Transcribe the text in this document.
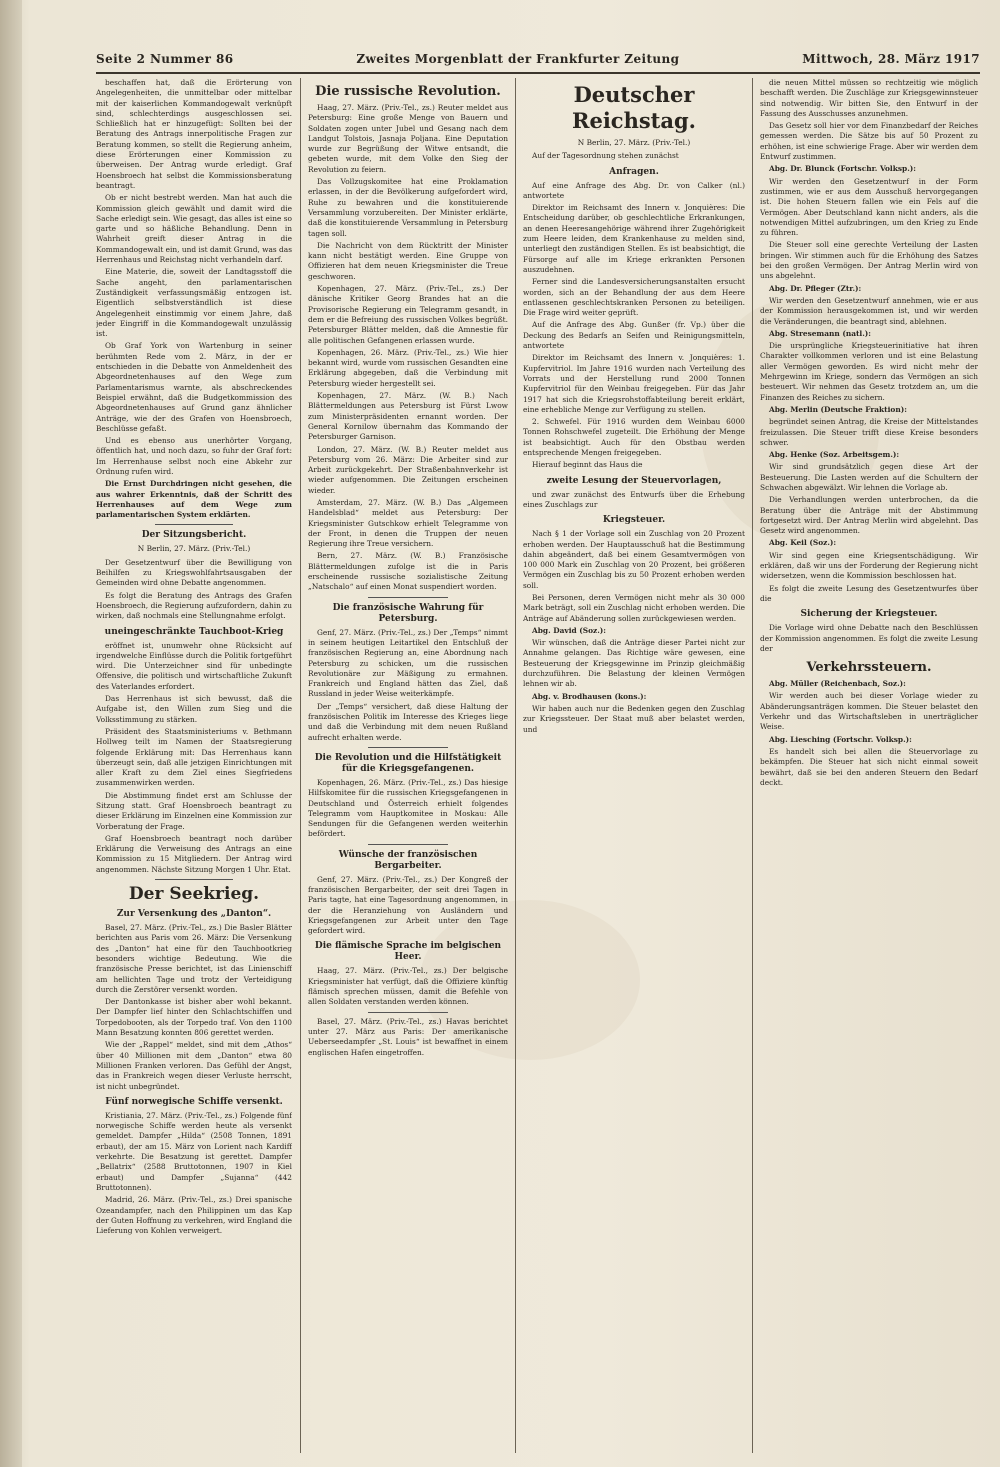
Seite 2 Nummer 86	Zweites Morgenblatt der Frankfurter Zeitung	Mittwoch, 28. März 1917

beschaffen hat, daß die Erörterung von Angelegenheiten, die unmittelbar oder mittelbar mit der kaiserlichen Kommandogewalt verknüpft sind, schlechterdings ausgeschlossen sei. Schließlich hat er hinzugefügt: Sollten bei der Beratung des Antrags innerpolitische Fragen zur Beratung kommen, so stellt die Regierung anheim, diese Erörterungen einer Kommission zu überweisen. Der Antrag wurde erledigt. Graf Hoensbroech hat selbst die Kommissionsberatung beantragt.

Ob er nicht bestrebt werden. Man hat auch die Kommission gleich gewählt und damit wird die Sache erledigt sein. Wie gesagt, das alles ist eine so garte und so häßliche Behandlung. Denn in Wahrheit greift dieser Antrag in die Kommandogewalt ein, und ist damit Grund, was das Herrenhaus und Reichstag nicht verhandeln darf.

Eine Materie, die, soweit der Landtagsstoff die Sache angeht, den parlamentarischen Zuständigkeit verfassungsmäßig entzogen ist. Eigentlich selbstverständlich ist diese Angelegenheit einstimmig vor einem Jahre, daß jeder Eingriff in die Kommandogewalt unzulässig ist.

Ob Graf York von Wartenburg in seiner berühmten Rede vom 2. März, in der er entschieden in die Debatte von Anmeldenheit des Abgeordnetenhauses auf den Wege zum Parlamentarismus warnte, als abschreckendes Beispiel erwähnt, daß die Budgetkommission des Abgeordnetenhauses auf Grund ganz ähnlicher Anträge, wie der des Grafen von Hoensbroech, Beschlüsse gefaßt.

Und es ebenso aus unerhörter Vorgang, öffentlich hat, und noch dazu, so fuhr der Graf fort: Im Herrenhause selbst noch eine Abkehr zur Ordnung rufen wird.

Die Ernst Durchdringen nicht gesehen, die aus wahrer Erkenntnis, daß der Schritt des Herrenhauses auf dem Wege zum parlamentarischen System erklärten.

Der Sitzungsbericht.
N Berlin, 27. März. (Priv.-Tel.)

Der Gesetzentwurf über die Bewilligung von Beihilfen zu Kriegswohlfahrtsausgaben der Gemeinden wird ohne Debatte angenommen.

Es folgt die Beratung des Antrags des Grafen Hoensbroech, die Regierung aufzufordern, dahin zu wirken, daß nochmals eine Stellungnahme erfolgt.

uneingeschränkte Tauchboot-Krieg

eröffnet ist, unumwehr ohne Rücksicht auf irgendwelche Einflüsse durch die Politik fortgeführt wird. Die Unterzeichner sind für unbedingte Offensive, die politisch und wirtschaftliche Zukunft des Vaterlandes erfordert.

Das Herrenhaus ist sich bewusst, daß die Aufgabe ist, den Willen zum Sieg und die Volksstimmung zu stärken.

Präsident des Staatsministeriums v. Bethmann Hollweg teilt im Namen der Staatsregierung folgende Erklärung mit: Das Herrenhaus kann überzeugt sein, daß alle jetzigen Einrichtungen mit aller Kraft zu dem Ziel eines Siegfriedens zusammenwirken werden.

Die Abstimmung findet erst am Schlusse der Sitzung statt. Graf Hoensbroech beantragt zu dieser Erklärung im Einzelnen eine Kommission zur Vorberatung der Frage.

Graf Hoensbroech beantragt noch darüber Erklärung die Verweisung des Antrags an eine Kommission zu 15 Mitgliedern. Der Antrag wird angenommen. Nächste Sitzung Morgen 1 Uhr. Etat.

Der Seekrieg.
Zur Versenkung des „Danton“.

Basel, 27. März. (Priv.-Tel., zs.) Die Basler Blätter berichten aus Paris vom 26. März: Die Versenkung des „Danton“ hat eine für den Tauchbootkrieg besonders wichtige Bedeutung. Wie die französische Presse berichtet, ist das Linienschiff am hellichten Tage und trotz der Verteidigung durch die Zerstörer versenkt worden.

Der Dantonkasse ist bisher aber wohl bekannt. Der Dampfer lief hinter den Schlachtschiffen und Torpedobooten, als der Torpedo traf. Von den 1100 Mann Besatzung konnten 806 gerettet werden.

Wie der „Rappel“ meldet, sind mit dem „Athos“ über 40 Millionen mit dem „Danton“ etwa 80 Millionen Franken verloren. Das Gefühl der Angst, das in Frankreich wegen dieser Verluste herrscht, ist nicht unbegründet.

Fünf norwegische Schiffe versenkt.

Kristiania, 27. März. (Priv.-Tel., zs.) Folgende fünf norwegische Schiffe werden heute als versenkt gemeldet. Dampfer „Hilda“ (2508 Tonnen, 1891 erbaut), der am 15. März von Lorient nach Kardiff verkehrte. Die Besatzung ist gerettet. Dampfer „Bellatrix“ (2588 Bruttotonnen, 1907 in Kiel erbaut) und Dampfer „Sujanna“ (442 Bruttotonnen).

Madrid, 26. März. (Priv.-Tel., zs.) Drei spanische Ozeandampfer, nach den Philippinen um das Kap der Guten Hoffnung zu verkehren, wird England die Lieferung von Kohlen verweigert.

Die russische Revolution.

Haag, 27. März. (Priv.-Tel., zs.) Reuter meldet aus Petersburg: Eine große Menge von Bauern und Soldaten zogen unter Jubel und Gesang nach dem Landgut Tolstois, Jasnaja Poljana. Eine Deputation wurde zur Begrüßung der Witwe entsandt, die gebeten wurde, mit dem Volke den Sieg der Revolution zu feiern.

Das Vollzugskomitee hat eine Proklamation erlassen, in der die Bevölkerung aufgefordert wird, Ruhe zu bewahren und die konstituierende Versammlung vorzubereiten. Der Minister erklärte, daß die konstituierende Versammlung in Petersburg tagen soll.

Die Nachricht von dem Rücktritt der Minister kann nicht bestätigt werden. Eine Gruppe von Offizieren hat dem neuen Kriegsminister die Treue geschworen.

Kopenhagen, 27. März. (Priv.-Tel., zs.) Der dänische Kritiker Georg Brandes hat an die Provisorische Regierung ein Telegramm gesandt, in dem er die Befreiung des russischen Volkes begrüßt. Petersburger Blätter melden, daß die Amnestie für alle politischen Gefangenen erlassen wurde.

Kopenhagen, 26. März. (Priv.-Tel., zs.) Wie hier bekannt wird, wurde vom russischen Gesandten eine Erklärung abgegeben, daß die Verbindung mit Petersburg wieder hergestellt sei.

Kopenhagen, 27. März. (W. B.) Nach Blättermeldungen aus Petersburg ist Fürst Lwow zum Ministerpräsidenten ernannt worden. Der General Kornilow übernahm das Kommando der Petersburger Garnison.

London, 27. März. (W. B.) Reuter meldet aus Petersburg vom 26. März: Die Arbeiter sind zur Arbeit zurückgekehrt. Der Straßenbahnverkehr ist wieder aufgenommen. Die Zeitungen erscheinen wieder.

Amsterdam, 27. März. (W. B.) Das „Algemeen Handelsblad“ meldet aus Petersburg: Der Kriegsminister Gutschkow erhielt Telegramme von der Front, in denen die Truppen der neuen Regierung ihre Treue versichern.

Bern, 27. März. (W. B.) Französische Blättermeldungen zufolge ist die in Paris erscheinende russische sozialistische Zeitung „Natschalo“ auf einen Monat suspendiert worden.

Die französische Wahrung für Petersburg.

Genf, 27. März. (Priv.-Tel., zs.) Der „Temps“ nimmt in seinem heutigen Leitartikel den Entschluß der französischen Regierung an, eine Abordnung nach Petersburg zu schicken, um die russischen Revolutionäre zur Mäßigung zu ermahnen. Frankreich und England hätten das Ziel, daß Russland in jeder Weise weiterkämpfe.

Der „Temps“ versichert, daß diese Haltung der französischen Politik im Interesse des Krieges liege und daß die Verbindung mit dem neuen Rußland aufrecht erhalten werde.

Die Revolution und die Hilfstätigkeit für die Kriegsgefangenen.

Kopenhagen, 26. März. (Priv.-Tel., zs.) Das hiesige Hilfskomitee für die russischen Kriegsgefangenen in Deutschland und Österreich erhielt folgendes Telegramm vom Hauptkomitee in Moskau: Alle Sendungen für die Gefangenen werden weiterhin befördert.

Wünsche der französischen Bergarbeiter.

Genf, 27. März. (Priv.-Tel., zs.) Der Kongreß der französischen Bergarbeiter, der seit drei Tagen in Paris tagte, hat eine Tagesordnung angenommen, in der die Heranziehung von Ausländern und Kriegsgefangenen zur Arbeit unter den Tage gefordert wird.

Die flämische Sprache im belgischen Heer.

Haag, 27. März. (Priv.-Tel., zs.) Der belgische Kriegsminister hat verfügt, daß die Offiziere künftig flämisch sprechen müssen, damit die Befehle von allen Soldaten verstanden werden können.

Basel, 27. März. (Priv.-Tel., zs.) Havas berichtet unter 27. März aus Paris: Der amerikanische Ueberseedampfer „St. Louis“ ist bewaffnet in einem englischen Hafen eingetroffen.

Deutscher Reichstag.
N Berlin, 27. März. (Priv.-Tel.)

Auf der Tagesordnung stehen zunächst

Anfragen.

Auf eine Anfrage des Abg. Dr. von Calker (nl.) antwortete

Direktor im Reichsamt des Innern v. Jonquières: Die Entscheidung darüber, ob geschlechtliche Erkrankungen, an denen Heeresangehörige während ihrer Zugehörigkeit zum Heere leiden, dem Krankenhause zu melden sind, unterliegt den zuständigen Stellen. Es ist beabsichtigt, die Fürsorge auf alle im Kriege erkrankten Personen auszudehnen.

Ferner sind die Landesversicherungsanstalten ersucht worden, sich an der Behandlung der aus dem Heere entlassenen geschlechtskranken Personen zu beteiligen. Die Frage wird weiter geprüft.

Auf die Anfrage des Abg. Gunßer (fr. Vp.) über die Deckung des Bedarfs an Seifen und Reinigungsmitteln, antwortete

Direktor im Reichsamt des Innern v. Jonquières: 1. Kupfervitriol. Im Jahre 1916 wurden nach Verteilung des Vorrats und der Herstellung rund 2000 Tonnen Kupfervitriol für den Weinbau freigegeben. Für das Jahr 1917 hat sich die Kriegsrohstoffabteilung bereit erklärt, eine erhebliche Menge zur Verfügung zu stellen.

2. Schwefel. Für 1916 wurden dem Weinbau 6000 Tonnen Rohschwefel zugeteilt. Die Erhöhung der Menge ist beabsichtigt. Auch für den Obstbau werden entsprechende Mengen freigegeben.

Hierauf beginnt das Haus die

zweite Lesung der Steuervorlagen,

und zwar zunächst des Entwurfs über die Erhebung eines Zuschlags zur

Kriegsteuer.

Nach § 1 der Vorlage soll ein Zuschlag von 20 Prozent erhoben werden. Der Hauptausschuß hat die Bestimmung dahin abgeändert, daß bei einem Gesamtvermögen von 100 000 Mark ein Zuschlag von 20 Prozent, bei größeren Vermögen ein Zuschlag bis zu 50 Prozent erhoben werden soll.

Bei Personen, deren Vermögen nicht mehr als 30 000 Mark beträgt, soll ein Zuschlag nicht erhoben werden. Die Anträge auf Abänderung sollen zurückgewiesen werden.

Abg. David (Soz.):

Wir wünschen, daß die Anträge dieser Partei nicht zur Annahme gelangen. Das Richtige wäre gewesen, eine Besteuerung der Kriegsgewinne im Prinzip gleichmäßig durchzuführen. Die Belastung der kleinen Vermögen lehnen wir ab.

Abg. v. Brodhausen (kons.):

Wir haben auch nur die Bedenken gegen den Zuschlag zur Kriegssteuer. Der Staat muß aber belastet werden, und

die neuen Mittel müssen so rechtzeitig wie möglich beschafft werden. Die Zuschläge zur Kriegsgewinnsteuer sind notwendig. Wir bitten Sie, den Entwurf in der Fassung des Ausschusses anzunehmen.

Das Gesetz soll hier vor dem Finanzbedarf der Reiches gemessen werden. Die Sätze bis auf 50 Prozent zu erhöhen, ist eine schwierige Frage. Aber wir werden dem Entwurf zustimmen.

Abg. Dr. Blunck (Fortschr. Volksp.):

Wir werden den Gesetzentwurf in der Form zustimmen, wie er aus dem Ausschuß hervorgegangen ist. Die hohen Steuern fallen wie ein Fels auf die Vermögen. Aber Deutschland kann nicht anders, als die notwendigen Mittel aufzubringen, um den Krieg zu Ende zu führen.

Die Steuer soll eine gerechte Verteilung der Lasten bringen. Wir stimmen auch für die Erhöhung des Satzes bei den großen Vermögen. Der Antrag Merlin wird von uns abgelehnt.

Abg. Dr. Pfleger (Ztr.):

Wir werden den Gesetzentwurf annehmen, wie er aus der Kommission herausgekommen ist, und wir werden die Veränderungen, die beantragt sind, ablehnen.

Abg. Stresemann (natl.):

Die ursprüngliche Kriegsteuerinitiative hat ihren Charakter vollkommen verloren und ist eine Belastung aller Vermögen geworden. Es wird nicht mehr der Mehrgewinn im Kriege, sondern das Vermögen an sich besteuert. Wir nehmen das Gesetz trotzdem an, um die Finanzen des Reiches zu sichern.

Abg. Merlin (Deutsche Fraktion):

begründet seinen Antrag, die Kreise der Mittelstandes freizulassen. Die Steuer trifft diese Kreise besonders schwer.

Abg. Henke (Soz. Arbeitsgem.):

Wir sind grundsätzlich gegen diese Art der Besteuerung. Die Lasten werden auf die Schultern der Schwachen abgewälzt. Wir lehnen die Vorlage ab.

Die Verhandlungen werden unterbrochen, da die Beratung über die Anträge mit der Abstimmung fortgesetzt wird. Der Antrag Merlin wird abgelehnt. Das Gesetz wird angenommen.

Abg. Keil (Soz.):

Wir sind gegen eine Kriegsentschädigung. Wir erklären, daß wir uns der Forderung der Regierung nicht widersetzen, wenn die Kommission beschlossen hat.

Es folgt die zweite Lesung des Gesetzentwurfes über die

Sicherung der Kriegsteuer.

Die Vorlage wird ohne Debatte nach den Beschlüssen der Kommission angenommen. Es folgt die zweite Lesung der

Verkehrssteuern.

Abg. Müller (Reichenbach, Soz.):

Wir werden auch bei dieser Vorlage wieder zu Abänderungsanträgen kommen. Die Steuer belastet den Verkehr und das Wirtschaftsleben in unerträglicher Weise.

Abg. Liesching (Fortschr. Volksp.):

Es handelt sich bei allen die Steuervorlage zu bekämpfen. Die Steuer hat sich nicht einmal soweit bewährt, daß sie bei den anderen Steuern den Bedarf deckt.
